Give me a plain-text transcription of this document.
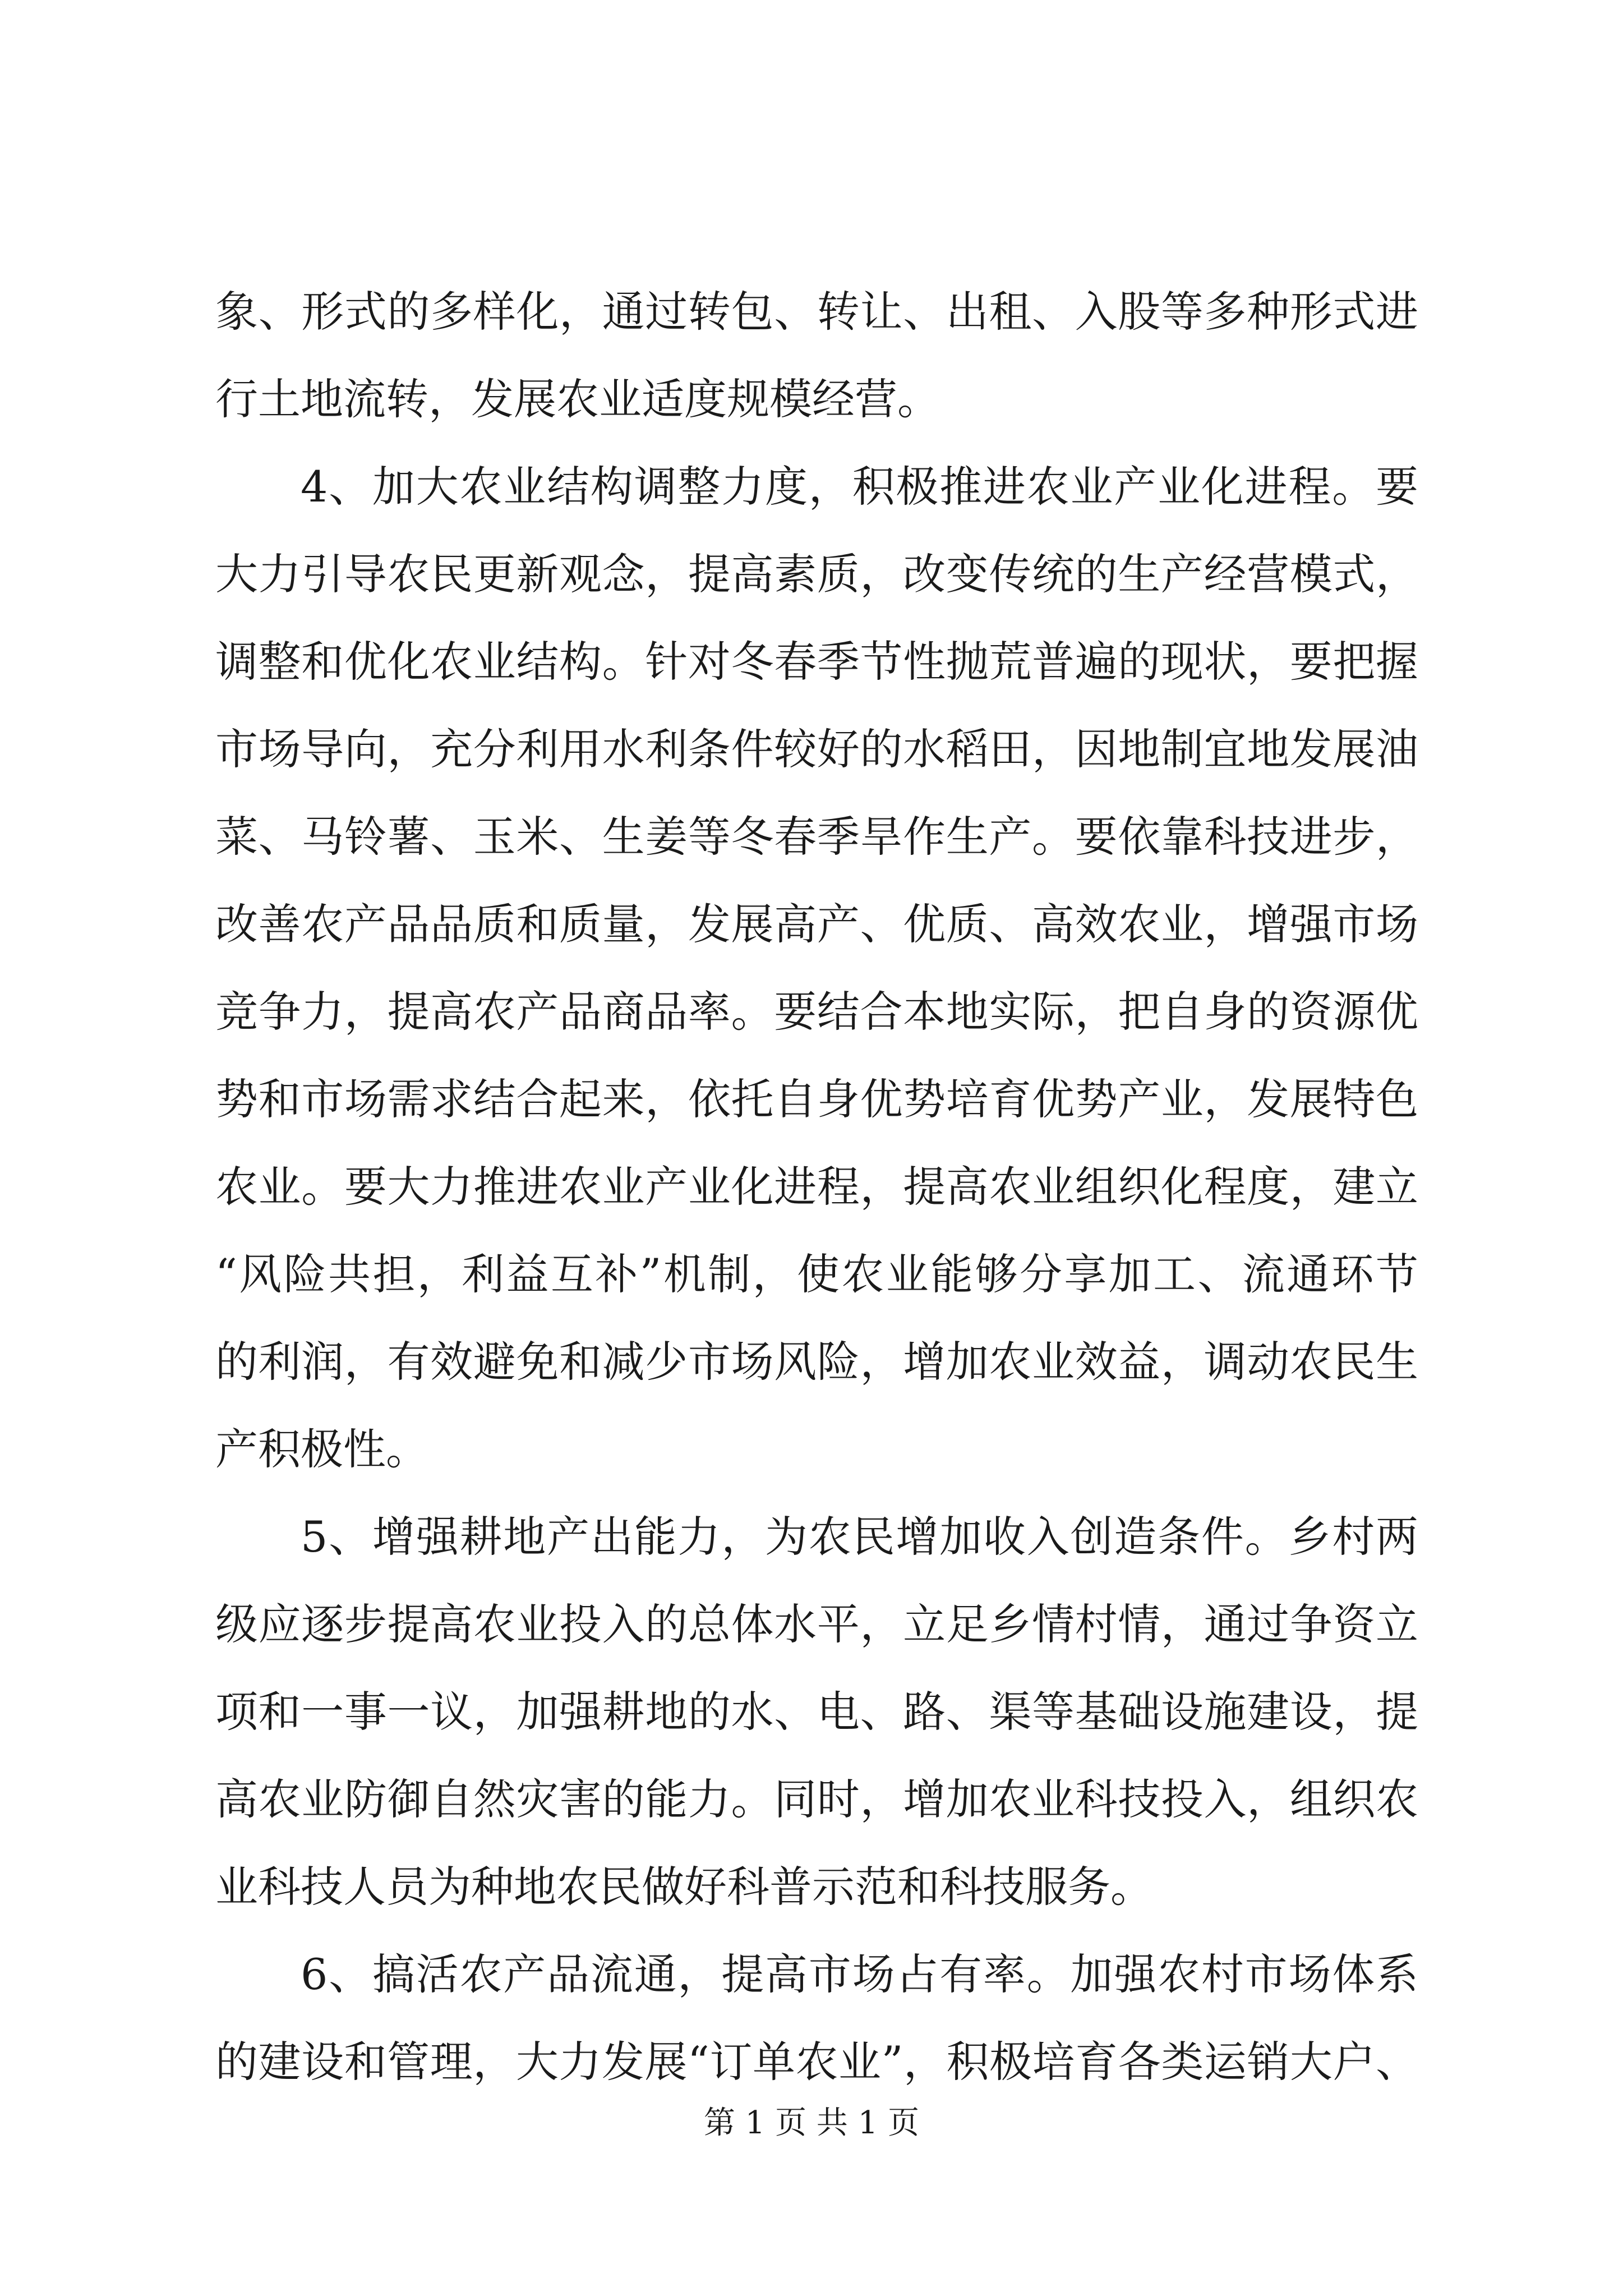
象、形式的多样化，通过转包、转让、出租、入股等多种形式进
行土地流转，发展农业适度规模经营。
4、加大农业结构调整力度，积极推进农业产业化进程。要
大力引导农民更新观念，提高素质，改变传统的生产经营模式，
调整和优化农业结构。针对冬春季节性抛荒普遍的现状，要把握
市场导向，充分利用水利条件较好的水稻田，因地制宜地发展油
菜、马铃薯、玉米、生姜等冬春季旱作生产。要依靠科技进步，
改善农产品品质和质量，发展高产、优质、高效农业，增强市场
竞争力，提高农产品商品率。要结合本地实际，把自身的资源优
势和市场需求结合起来，依托自身优势培育优势产业，发展特色
农业。要大力推进农业产业化进程，提高农业组织化程度，建立
“风险共担，利益互补”机制，使农业能够分享加工、流通环节
的利润，有效避免和减少市场风险，增加农业效益，调动农民生
产积极性。
5、增强耕地产出能力，为农民增加收入创造条件。乡村两
级应逐步提高农业投入的总体水平，立足乡情村情，通过争资立
项和一事一议，加强耕地的水、电、路、渠等基础设施建设，提
高农业防御自然灾害的能力。同时，增加农业科技投入，组织农
业科技人员为种地农民做好科普示范和科技服务。
6、搞活农产品流通，提高市场占有率。加强农村市场体系
的建设和管理，大力发展“订单农业”，积极培育各类运销大户、
第 1 页 共 1 页
